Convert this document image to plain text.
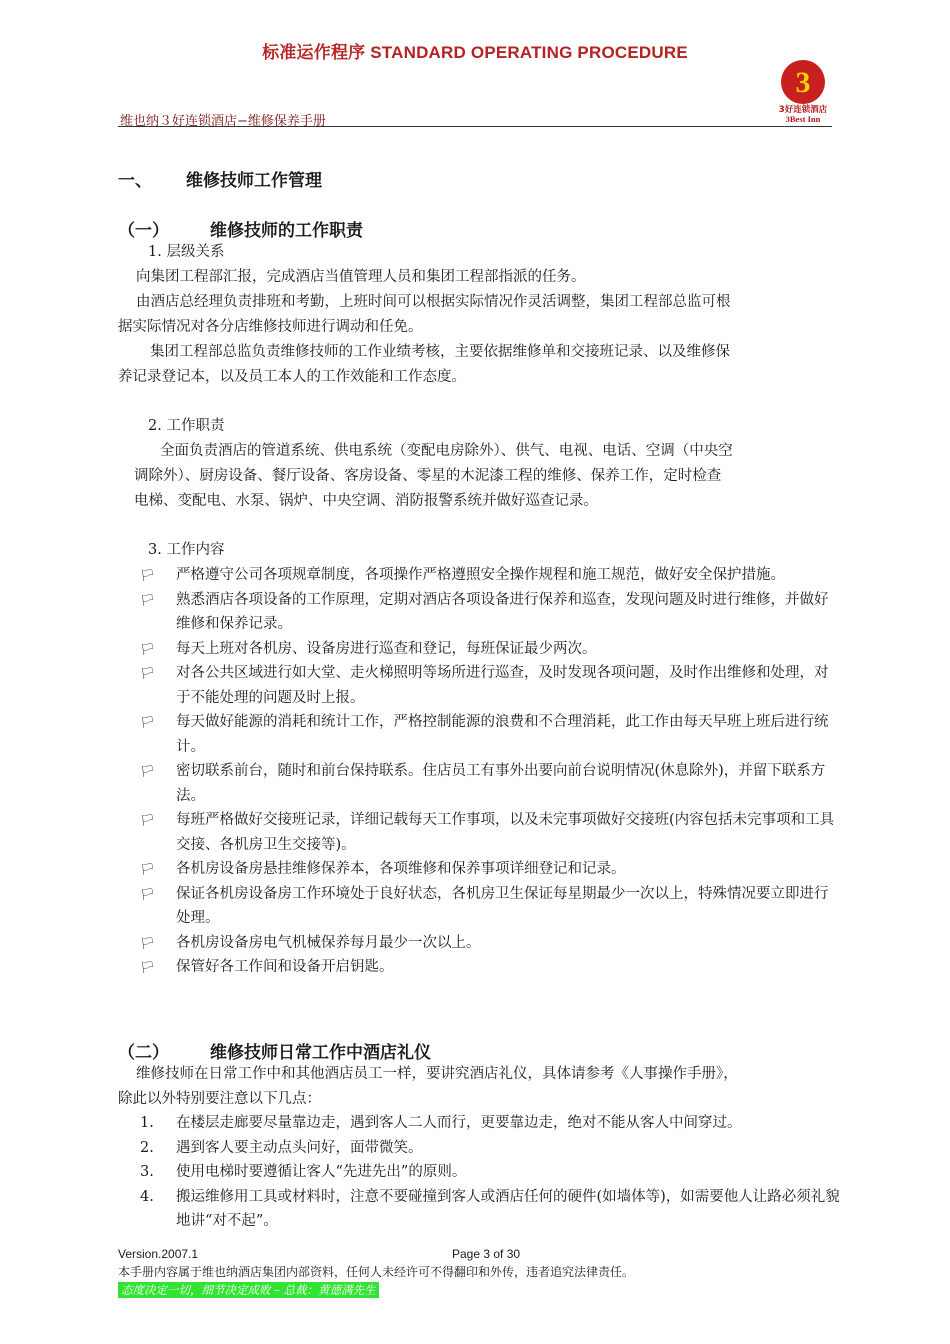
标准运作程序 STANDARD OPERATING PROCEDURE
3
3好连锁酒店
3Best Inn
维也纳３好连锁酒店−维修保养手册
一、 维修技师工作管理
（一） 维修技师的工作职责
1. 层级关系
向集团工程部汇报，完成酒店当值管理人员和集团工程部指派的任务。
由酒店总经理负责排班和考勤，上班时间可以根据实际情况作灵活调整，集团工程部总监可根
据实际情况对各分店维修技师进行调动和任免。
集团工程部总监负责维修技师的工作业绩考核，主要依据维修单和交接班记录、以及维修保
养记录登记本，以及员工本人的工作效能和工作态度。
2. 工作职责
全面负责酒店的管道系统、供电系统（变配电房除外）、供气、电视、电话、空调（中央空
调除外）、厨房设备、餐厅设备、客房设备、零星的木泥漆工程的维修、保养工作，定时检查
电梯、变配电、水泵、锅炉、中央空调、消防报警系统并做好巡查记录。
3. 工作内容
🏳 严格遵守公司各项规章制度，各项操作严格遵照安全操作规程和施工规范，做好安全保护措施。
🏳 熟悉酒店各项设备的工作原理，定期对酒店各项设备进行保养和巡查，发现问题及时进行维修，并做好维修和保养记录。
🏳 每天上班对各机房、设备房进行巡查和登记，每班保证最少两次。
🏳 对各公共区域进行如大堂、走火梯照明等场所进行巡查，及时发现各项问题，及时作出维修和处理，对于不能处理的问题及时上报。
🏳 每天做好能源的消耗和统计工作，严格控制能源的浪费和不合理消耗，此工作由每天早班上班后进行统计。
🏳 密切联系前台，随时和前台保持联系。住店员工有事外出要向前台说明情况(休息除外)，并留下联系方法。
🏳 每班严格做好交接班记录，详细记载每天工作事项，以及未完事项做好交接班(内容包括未完事项和工具交接、各机房卫生交接等)。
🏳 各机房设备房悬挂维修保养本，各项维修和保养事项详细登记和记录。
🏳 保证各机房设备房工作环境处于良好状态，各机房卫生保证每星期最少一次以上，特殊情况要立即进行处理。
🏳 各机房设备房电气机械保养每月最少一次以上。
🏳 保管好各工作间和设备开启钥匙。
（二） 维修技师日常工作中酒店礼仪
维修技师在日常工作中和其他酒店员工一样，要讲究酒店礼仪，具体请参考《人事操作手册》，
除此以外特别要注意以下几点：
1. 在楼层走廊要尽量靠边走，遇到客人二人而行，更要靠边走，绝对不能从客人中间穿过。
2. 遇到客人要主动点头问好，面带微笑。
3. 使用电梯时要遵循让客人“先进先出”的原则。
4. 搬运维修用工具或材料时，注意不要碰撞到客人或酒店任何的硬件(如墙体等)，如需要他人让路必须礼貌地讲“对不起”。
Version.2007.1	Page 3 of 30
本手册内容属于维也纳酒店集团内部资料，任何人未经许可不得翻印和外传，违者追究法律责任。
态度决定一切，细节决定成败 – 总裁：黄德满先生
